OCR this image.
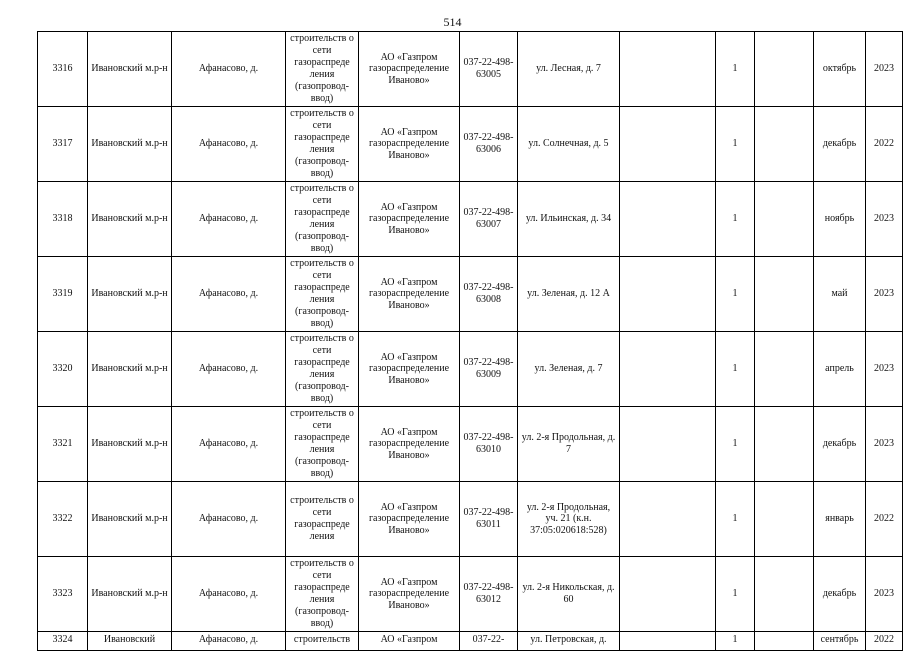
514
3316	Ивановский м.р-н	Афанасово, д.	строительств о сети газораспреде ления (газопровод-ввод)	АО «Газпром газораспределение Иваново»	037-22-498-63005	ул. Лесная, д. 7		1		октябрь	2023
3317	Ивановский м.р-н	Афанасово, д.	строительств о сети газораспреде ления (газопровод-ввод)	АО «Газпром газораспределение Иваново»	037-22-498-63006	ул. Солнечная, д. 5		1		декабрь	2022
3318	Ивановский м.р-н	Афанасово, д.	строительств о сети газораспреде ления (газопровод-ввод)	АО «Газпром газораспределение Иваново»	037-22-498-63007	ул. Ильинская, д. 34		1		ноябрь	2023
3319	Ивановский м.р-н	Афанасово, д.	строительств о сети газораспреде ления (газопровод-ввод)	АО «Газпром газораспределение Иваново»	037-22-498-63008	ул. Зеленая, д. 12 А		1		май	2023
3320	Ивановский м.р-н	Афанасово, д.	строительств о сети газораспреде ления (газопровод-ввод)	АО «Газпром газораспределение Иваново»	037-22-498-63009	ул. Зеленая, д. 7		1		апрель	2023
3321	Ивановский м.р-н	Афанасово, д.	строительств о сети газораспреде ления (газопровод-ввод)	АО «Газпром газораспределение Иваново»	037-22-498-63010	ул. 2-я Продольная, д. 7		1		декабрь	2023
3322	Ивановский м.р-н	Афанасово, д.	строительств о сети газораспреде ления	АО «Газпром газораспределение Иваново»	037-22-498-63011	ул. 2-я Продольная, уч. 21 (к.н. 37:05:020618:528)		1		январь	2022
3323	Ивановский м.р-н	Афанасово, д.	строительств о сети газораспреде ления (газопровод-ввод)	АО «Газпром газораспределение Иваново»	037-22-498-63012	ул. 2-я Никольская, д. 60		1		декабрь	2023
3324	Ивановский	Афанасово, д.	строительств	АО «Газпром	037-22-	ул. Петровская, д.		1		сентябрь	2022
